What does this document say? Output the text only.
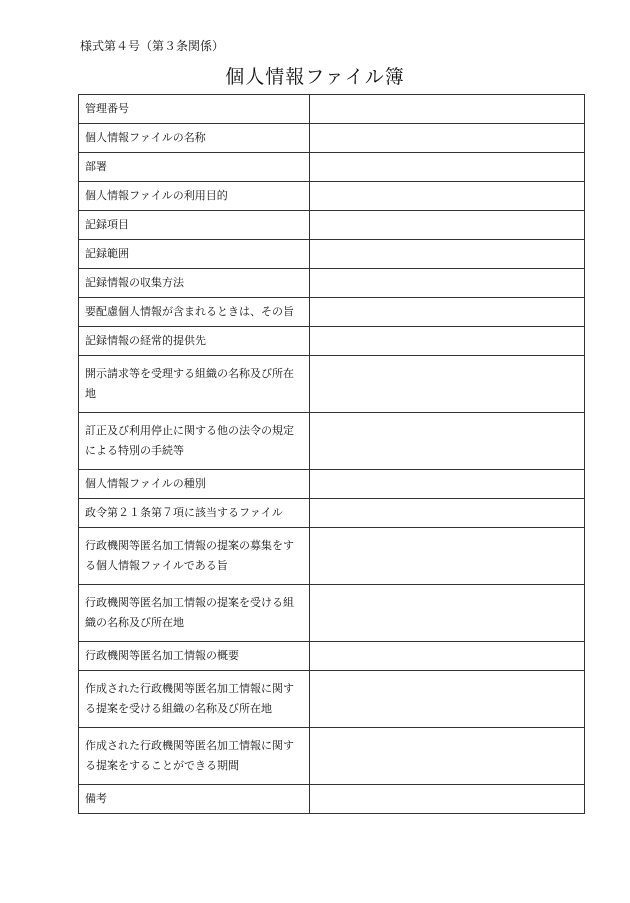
様式第４号（第３条関係）
個人情報ファイル簿
管理番号	
個人情報ファイルの名称	
部署	
個人情報ファイルの利用目的	
記録項目	
記録範囲	
記録情報の収集方法	
要配慮個人情報が含まれるときは、その旨	
記録情報の経常的提供先	
開示請求等を受理する組織の名称及び所在地	
訂正及び利用停止に関する他の法令の規定による特別の手続等	
個人情報ファイルの種別	
政令第２１条第７項に該当するファイル	
行政機関等匿名加工情報の提案の募集をする個人情報ファイルである旨	
行政機関等匿名加工情報の提案を受ける組織の名称及び所在地	
行政機関等匿名加工情報の概要	
作成された行政機関等匿名加工情報に関する提案を受ける組織の名称及び所在地	
作成された行政機関等匿名加工情報に関する提案をすることができる期間	
備考	
